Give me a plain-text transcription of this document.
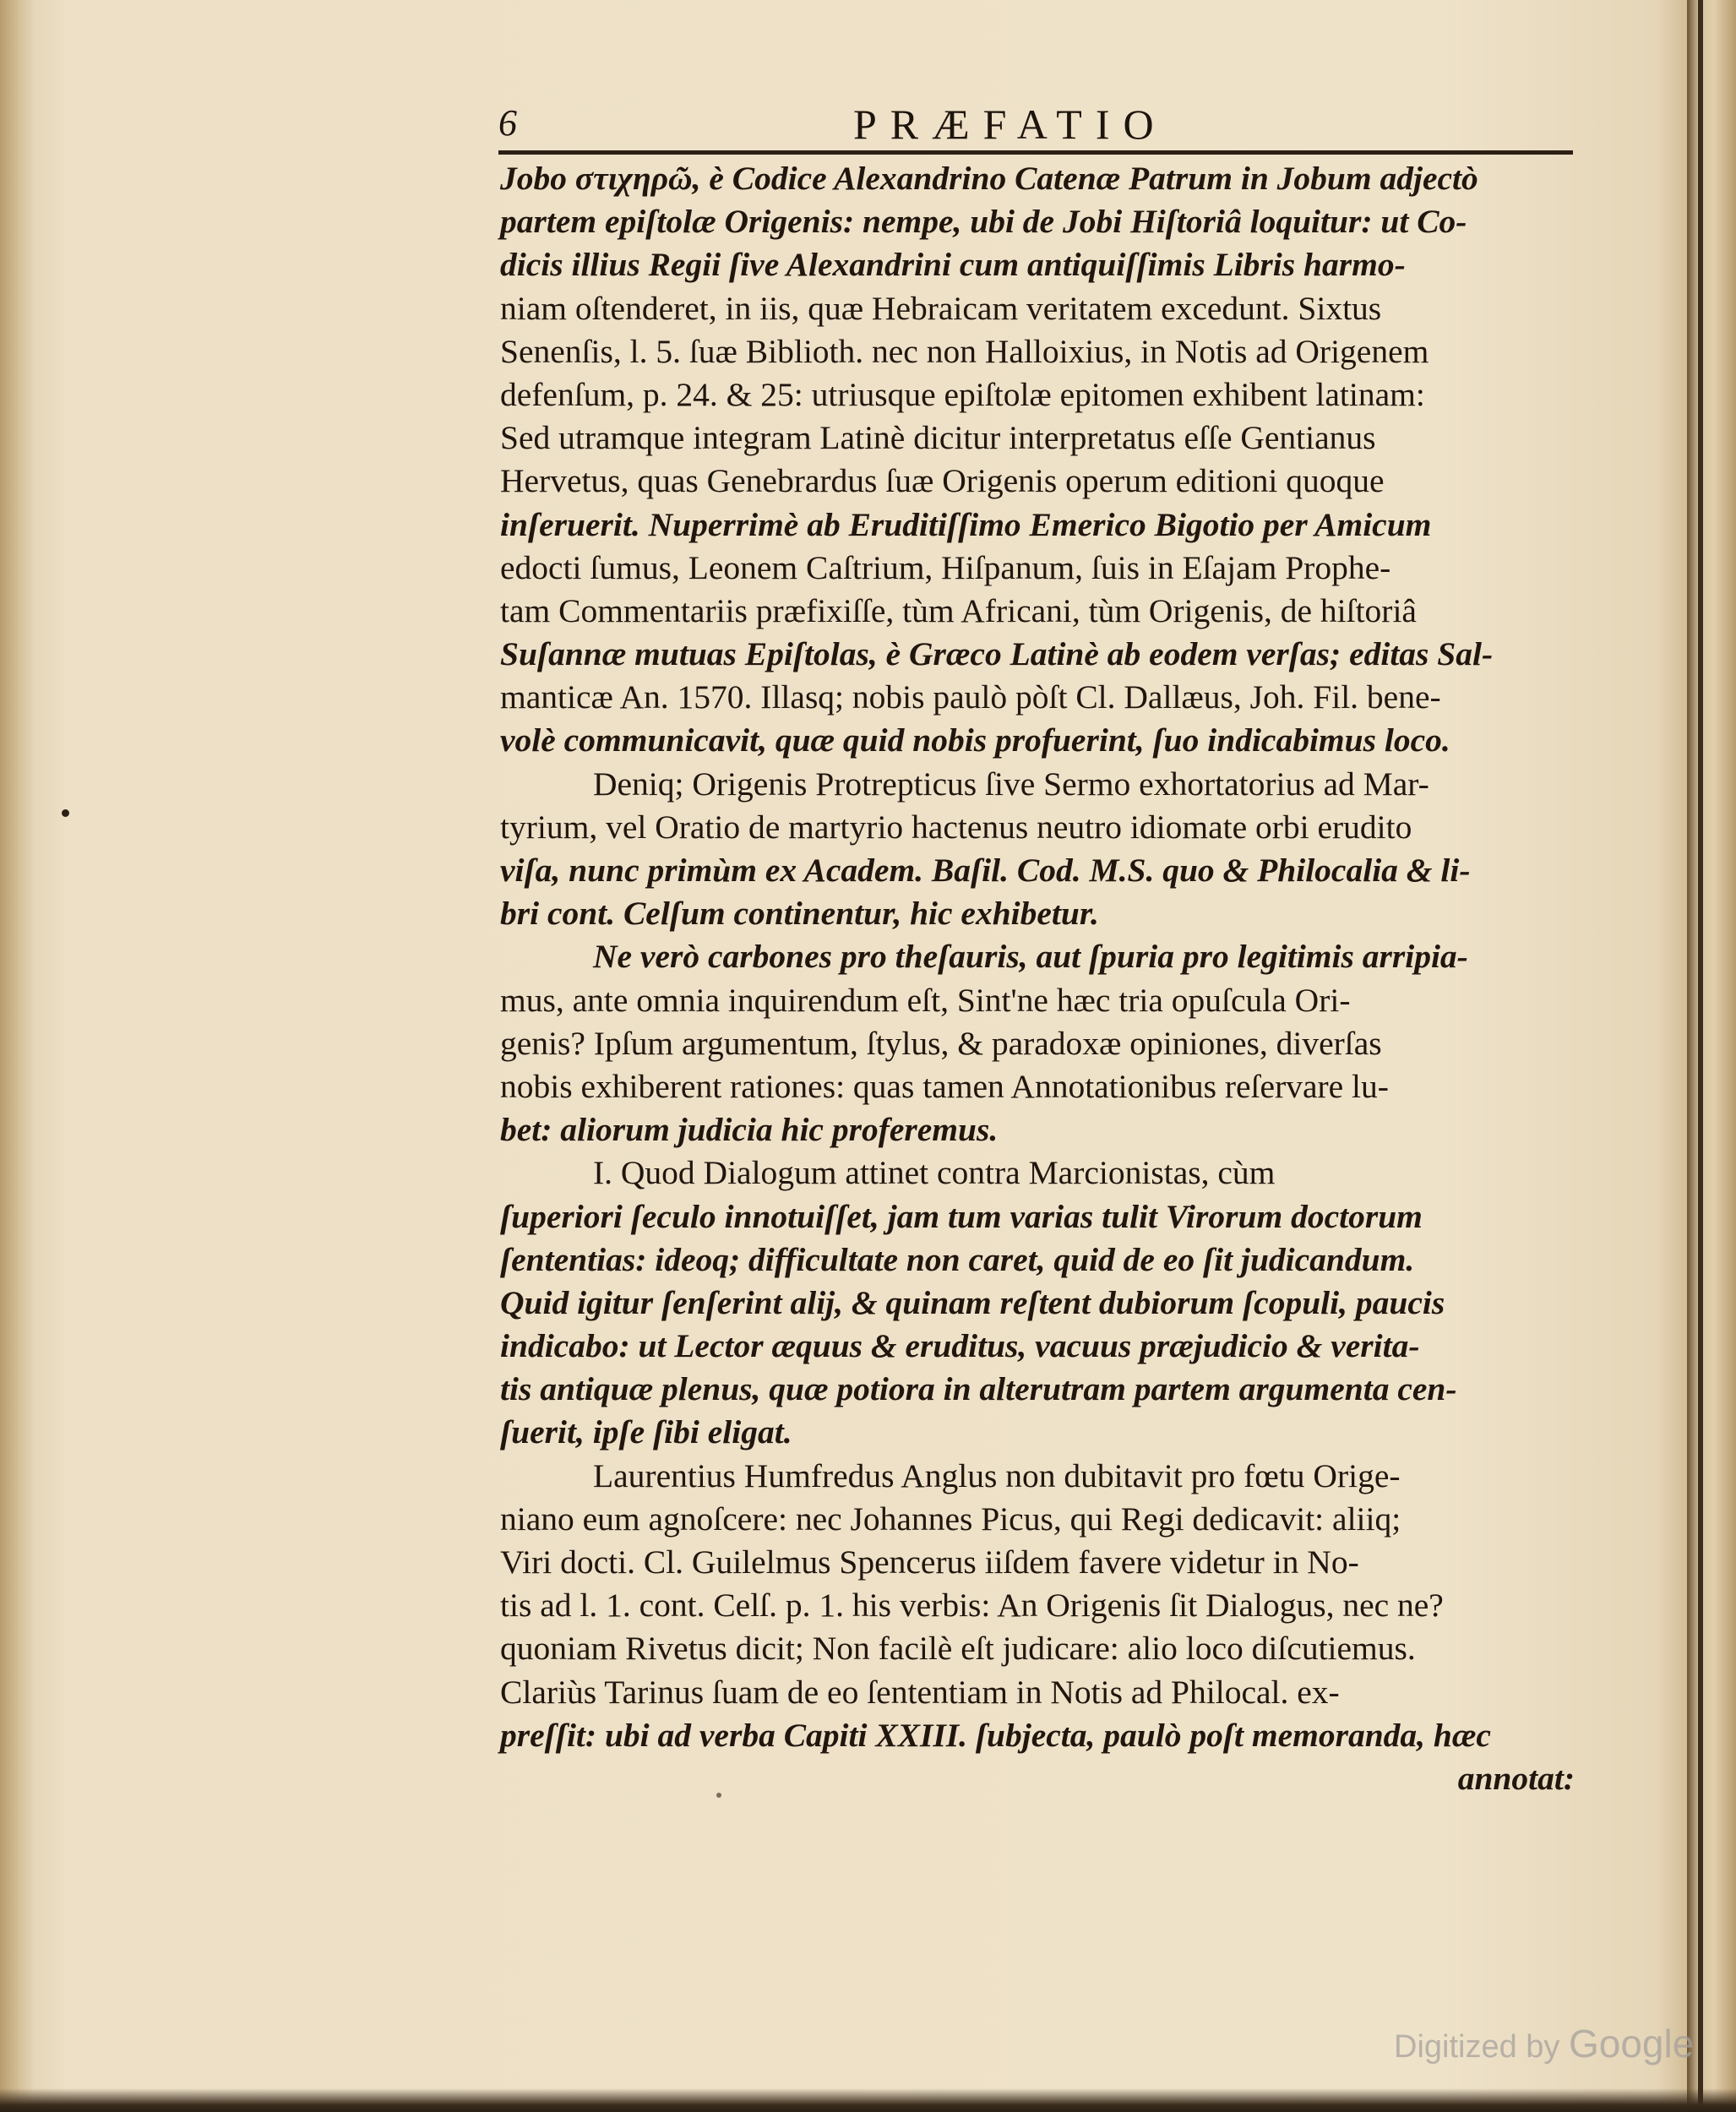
6	PRÆFATIO
Jobo στιχηρῶ, è Codice Alexandrino Catenæ Patrum in Jobum adjectò
partem epiſtolæ Origenis: nempe, ubi de Jobi Hiſtoriâ loquitur: ut Co-
dicis illius Regii ſive Alexandrini cum antiquiſſimis Libris harmo-
niam oſtenderet, in iis, quæ Hebraicam veritatem excedunt. Sixtus
Senenſis, l. 5. ſuæ Biblioth. nec non Halloixius, in Notis ad Origenem
defenſum, p. 24. & 25: utriusque epiſtolæ epitomen exhibent latinam:
Sed utramque integram Latinè dicitur interpretatus eſſe Gentianus
Hervetus, quas Genebrardus ſuæ Origenis operum editioni quoque
inſeruerit. Nuperrimè ab Eruditiſſimo Emerico Bigotio per Amicum
edocti ſumus, Leonem Caſtrium, Hiſpanum, ſuis in Eſajam Prophe-
tam Commentariis præfixiſſe, tùm Africani, tùm Origenis, de hiſtoriâ
Suſannæ mutuas Epiſtolas, è Græco Latinè ab eodem verſas; editas Sal-
manticæ An. 1570. Illasq; nobis paulò pòſt Cl. Dallæus, Joh. Fil. bene-
volè communicavit, quæ quid nobis profuerint, ſuo indicabimus loco.
Deniq; Origenis Protrepticus ſive Sermo exhortatorius ad Mar-
tyrium, vel Oratio de martyrio hactenus neutro idiomate orbi erudito
viſa, nunc primùm ex Academ. Baſil. Cod. M.S. quo & Philocalia & li-
bri cont. Celſum continentur, hic exhibetur.
Ne verò carbones pro theſauris, aut ſpuria pro legitimis arripia-
mus, ante omnia inquirendum eſt, Sint'ne hæc tria opuſcula Ori-
genis? Ipſum argumentum, ſtylus, & paradoxæ opiniones, diverſas
nobis exhiberent rationes: quas tamen Annotationibus reſervare lu-
bet: aliorum judicia hic proferemus.
I. Quod Dialogum attinet contra Marcionistas, cùm
ſuperiori ſeculo innotuiſſet, jam tum varias tulit Virorum doctorum
ſententias: ideoq; difficultate non caret, quid de eo ſit judicandum.
Quid igitur ſenſerint alij, & quinam reſtent dubiorum ſcopuli, paucis
indicabo: ut Lector æquus & eruditus, vacuus præjudicio & verita-
tis antiquæ plenus, quæ potiora in alterutram partem argumenta cen-
ſuerit, ipſe ſibi eligat.
Laurentius Humfredus Anglus non dubitavit pro fœtu Orige-
niano eum agnoſcere: nec Johannes Picus, qui Regi dedicavit: aliiq;
Viri docti. Cl. Guilelmus Spencerus iiſdem favere videtur in No-
tis ad l. 1. cont. Celſ. p. 1. his verbis: An Origenis ſit Dialogus, nec ne?
quoniam Rivetus dicit; Non facilè eſt judicare: alio loco diſcutiemus.
Clariùs Tarinus ſuam de eo ſententiam in Notis ad Philocal. ex-
preſſit: ubi ad verba Capiti XXIII. ſubjecta, paulò poſt memoranda, hæc
annotat:
Digitized by Google
